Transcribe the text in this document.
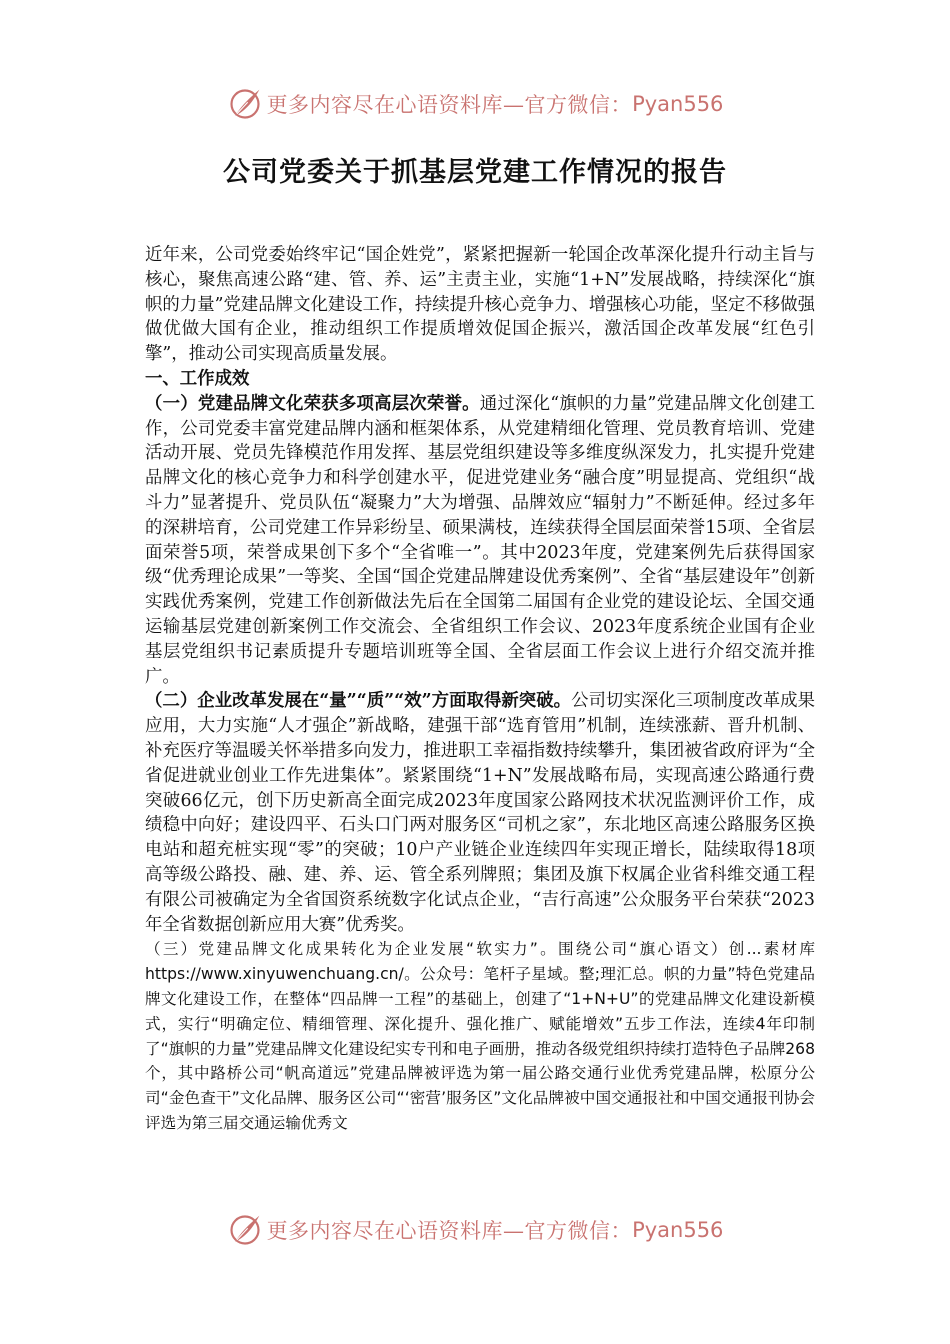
更多内容尽在心语资料库—官方微信： Pyan556
公司党委关于抓基层党建工作情况的报告

近年来，公司党委始终牢记“国企姓党”，紧紧把握新一轮国企改革深化提升行动主旨与核心，聚焦高速公路“建、管、养、运”主责主业，实施“1+N”发展战略，持续深化“旗帜的力量”党建品牌文化建设工作，持续提升核心竞争力、增强核心功能，坚定不移做强做优做大国有企业，推动组织工作提质增效促国企振兴，激活国企改革发展“红色引擎”，推动公司实现高质量发展。

一、工作成效

（一）党建品牌文化荣获多项高层次荣誉。通过深化“旗帜的力量”党建品牌文化创建工作，公司党委丰富党建品牌内涵和框架体系，从党建精细化管理、党员教育培训、党建活动开展、党员先锋模范作用发挥、基层党组织建设等多维度纵深发力，扎实提升党建品牌文化的核心竞争力和科学创建水平，促进党建业务“融合度”明显提高、党组织“战斗力”显著提升、党员队伍“凝聚力”大为增强、品牌效应“辐射力”不断延伸。经过多年的深耕培育，公司党建工作异彩纷呈、硕果满枝，连续获得全国层面荣誉15项、全省层面荣誉5项，荣誉成果创下多个“全省唯一”。其中2023年度，党建案例先后获得国家级“优秀理论成果”一等奖、全国“国企党建品牌建设优秀案例”、全省“基层建设年”创新实践优秀案例，党建工作创新做法先后在全国第二届国有企业党的建设论坛、全国交通运输基层党建创新案例工作交流会、全省组织工作会议、2023年度系统企业国有企业基层党组织书记素质提升专题培训班等全国、全省层面工作会议上进行介绍交流并推广。

（二）企业改革发展在“量”“质”“效”方面取得新突破。公司切实深化三项制度改革成果应用，大力实施“人才强企”新战略，建强干部“选育管用”机制，连续涨薪、晋升机制、补充医疗等温暖关怀举措多向发力，推进职工幸福指数持续攀升，集团被省政府评为“全省促进就业创业工作先进集体”。紧紧围绕“1+N”发展战略布局，实现高速公路通行费突破66亿元，创下历史新高全面完成2023年度国家公路网技术状况监测评价工作，成绩稳中向好；建设四平、石头口门两对服务区“司机之家”，东北地区高速公路服务区换电站和超充桩实现“零”的突破；10户产业链企业连续四年实现正增长，陆续取得18项高等级公路投、融、建、养、运、管全系列牌照；集团及旗下权属企业省科维交通工程有限公司被确定为全省国资系统数字化试点企业，“吉行高速”公众服务平台荣获“2023年全省数据创新应用大赛”优秀奖。

（三）党建品牌文化成果转化为企业发展“软实力”。围绕公司“旗心语文）创...素材库https://www.xinyuwenchuang.cn/。公众号：笔杆子星域。整;理汇总。帜的力量”特色党建品牌文化建设工作，在整体“四品牌一工程”的基础上，创建了“1+N+U”的党建品牌文化建设新模式，实行“明确定位、精细管理、深化提升、强化推广、赋能增效”五步工作法，连续4年印制了“旗帜的力量”党建品牌文化建设纪实专刊和电子画册，推动各级党组织持续打造特色子品牌268个，其中路桥公司“帆高道远”党建品牌被评选为第一届公路交通行业优秀党建品牌，松原分公司“金色查干”文化品牌、服务区公司“‘密营’服务区”文化品牌被中国交通报社和中国交通报刊协会评选为第三届交通运输优秀文

更多内容尽在心语资料库—官方微信： Pyan556
